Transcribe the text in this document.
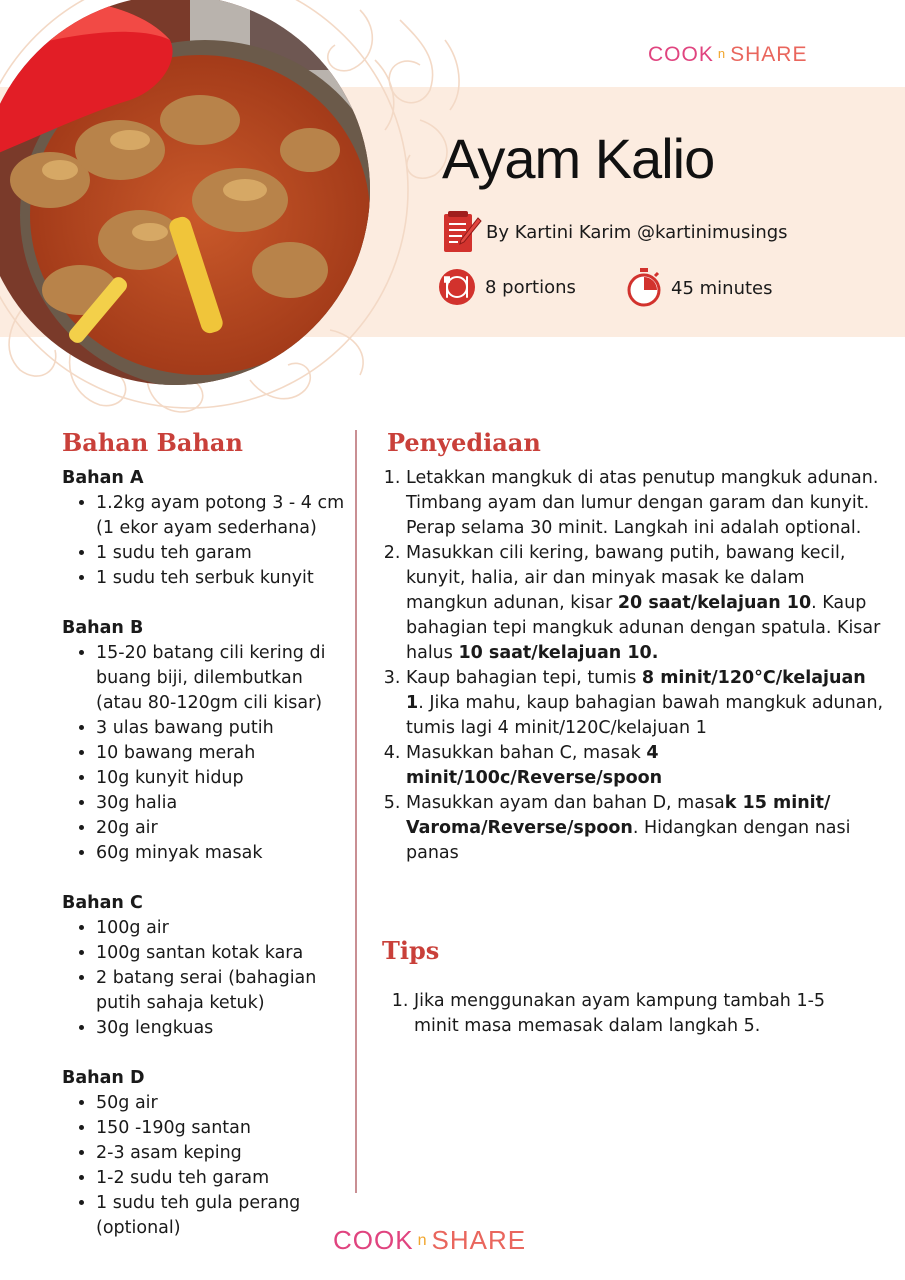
COOK n SHARE
Ayam Kalio
By Kartini Karim @kartinimusings
8 portions	45 minutes
Bahan Bahan
Bahan A
• 1.2kg ayam potong 3 - 4 cm (1 ekor ayam sederhana)
• 1 sudu teh garam
• 1 sudu teh serbuk kunyit
Bahan B
• 15-20 batang cili kering di buang biji, dilembutkan (atau 80-120gm cili kisar)
• 3 ulas bawang putih
• 10 bawang merah
• 10g kunyit hidup
• 30g halia
• 20g air
• 60g minyak masak
Bahan C
• 100g air
• 100g santan kotak kara
• 2 batang serai (bahagian putih sahaja ketuk)
• 30g lengkuas
Bahan D
• 50g air
• 150 -190g santan
• 2-3 asam keping
• 1-2 sudu teh garam
• 1 sudu teh gula perang (optional)
Penyediaan
1. Letakkan mangkuk di atas penutup mangkuk adunan. Timbang ayam dan lumur dengan garam dan kunyit. Perap selama 30 minit. Langkah ini adalah optional.
2. Masukkan cili kering, bawang putih, bawang kecil, kunyit, halia, air dan minyak masak ke dalam mangkun adunan, kisar 20 saat/kelajuan 10. Kaup bahagian tepi mangkuk adunan dengan spatula. Kisar halus 10 saat/kelajuan 10.
3. Kaup bahagian tepi, tumis 8 minit/120°C/kelajuan 1. Jika mahu, kaup bahagian bawah mangkuk adunan, tumis lagi 4 minit/120C/kelajuan 1
4. Masukkan bahan C, masak 4 minit/100c/Reverse/spoon
5. Masukkan ayam dan bahan D, masak 15 minit/ Varoma/Reverse/spoon. Hidangkan dengan nasi panas
Tips
1. Jika menggunakan ayam kampung tambah 1-5 minit masa memasak dalam langkah 5.
COOK n SHARE
